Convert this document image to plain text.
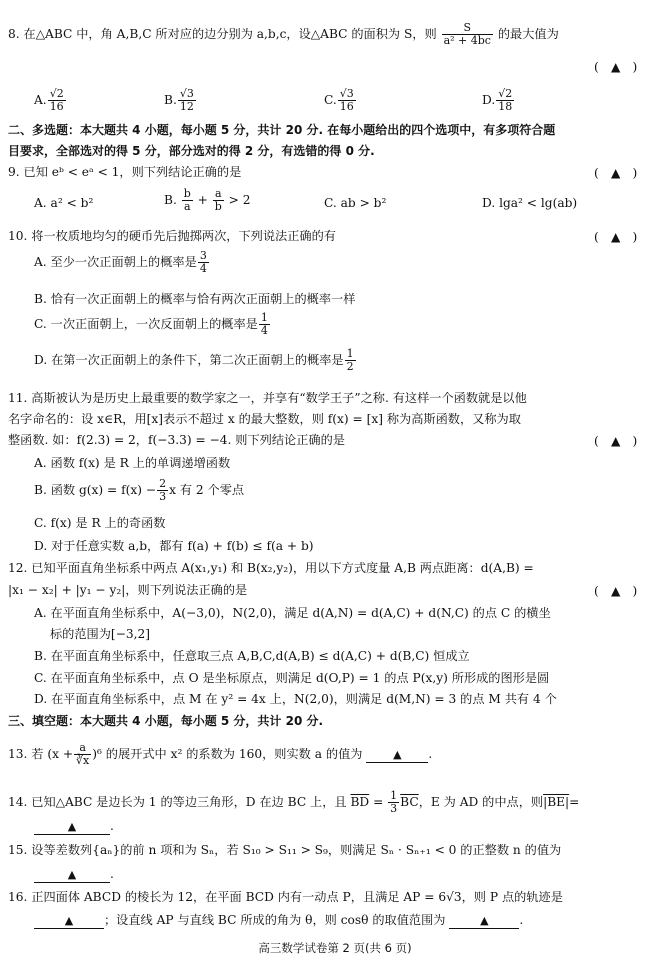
8. 在△ABC 中，角 A,B,C 所对应的边分别为 a,b,c，设△ABC 的面积为 S，则 $\frac{S}{\text{a² + 4bc}}$ 的最大值为
(　▲　)
A. $\frac{√2}{16}$	B. $\frac{√3}{12}$	C. $\frac{√3}{16}$	D. $\frac{√2}{18}$
二、多选题：本大题共 4 小题，每小题 5 分，共计 20 分. 在每小题给出的四个选项中，有多项符合题
目要求，全部选对的得 5 分，部分选对的得 2 分，有选错的得 0 分.
9. 已知 eᵇ < eᵃ < 1，则下列结论正确的是	(　▲　)
A. a² < b²	B. $\frac{b}{a} + \frac{a}{b} > 2$	C. ab > b²	D. lga² < lg(ab)
10. 将一枚质地均匀的硬币先后抛掷两次，下列说法正确的有	(　▲　)
A. 至少一次正面朝上的概率是 $\frac{3}{4}$
B. 恰有一次正面朝上的概率与恰有两次正面朝上的概率一样
C. 一次正面朝上，一次反面朝上的概率是 $\frac{1}{4}$
D. 在第一次正面朝上的条件下，第二次正面朝上的概率是 $\frac{1}{2}$
11. 高斯被认为是历史上最重要的数学家之一，并享有“数学王子”之称. 有这样一个函数就是以他
名字命名的：设 x∈R，用[x]表示不超过 x 的最大整数，则 f(x) = [x] 称为高斯函数，又称为取
整函数. 如：f(2.3) = 2，f(−3.3) = −4. 则下列结论正确的是	(　▲　)
A. 函数 f(x) 是 R 上的单调递增函数
B. 函数 $g(x) = f(x) - \frac{2}{3}$ x 有 2 个零点
C. f(x) 是 R 上的奇函数
D. 对于任意实数 a,b，都有 f(a) + f(b) ≤ f(a + b)
12. 已知平面直角坐标系中两点 A(x₁,y₁) 和 B(x₂,y₂)，用以下方式度量 A,B 两点距离：d(A,B) =
|x₁ − x₂| + |y₁ − y₂|，则下列说法正确的是	(　▲　)
A. 在平面直角坐标系中，A(−3,0)，N(2,0)，满足 d(A,N) = d(A,C) + d(N,C) 的点 C 的横坐
标的范围为[−3,2]
B. 在平面直角坐标系中，任意取三点 A,B,C,d(A,B) ≤ d(A,C) + d(B,C) 恒成立
C. 在平面直角坐标系中，点 O 是坐标原点，则满足 d(O,P) = 1 的点 P(x,y) 所形成的图形是圆
D. 在平面直角坐标系中，点 M 在 y² = 4x 上，N(2,0)，则满足 d(M,N) = 3 的点 M 共有 4 个
三、填空题：本大题共 4 小题，每小题 5 分，共计 20 分.
13. 若 $(x + \frac{a}{∛x} )^6$ 的展开式中 x² 的系数为 160，则实数 a 的值为	▲ .
14. 已知△ABC 是边长为 1 的等边三角形，D 在边 BC 上，且 $\overline{BD} = \frac{1}{3} \overline{BC}$，E 为 AD 的中点，则|BE|=
▲	.
15. 设等差数列{aₙ}的前 n 项和为 Sₙ，若 S₁₀ > S₁₁ > S₉，则满足 Sₙ · Sₙ₊₁ < 0 的正整数 n 的值为
▲	.
16. 正四面体 ABCD 的棱长为 12，在平面 BCD 内有一动点 P，且满足 AP = 6√3，则 P 点的轨迹是
▲	；设直线 AP 与直线 BC 所成的角为 θ，则 cosθ 的取值范围为	▲	.
高三数学试卷第 2 页(共 6 页)
